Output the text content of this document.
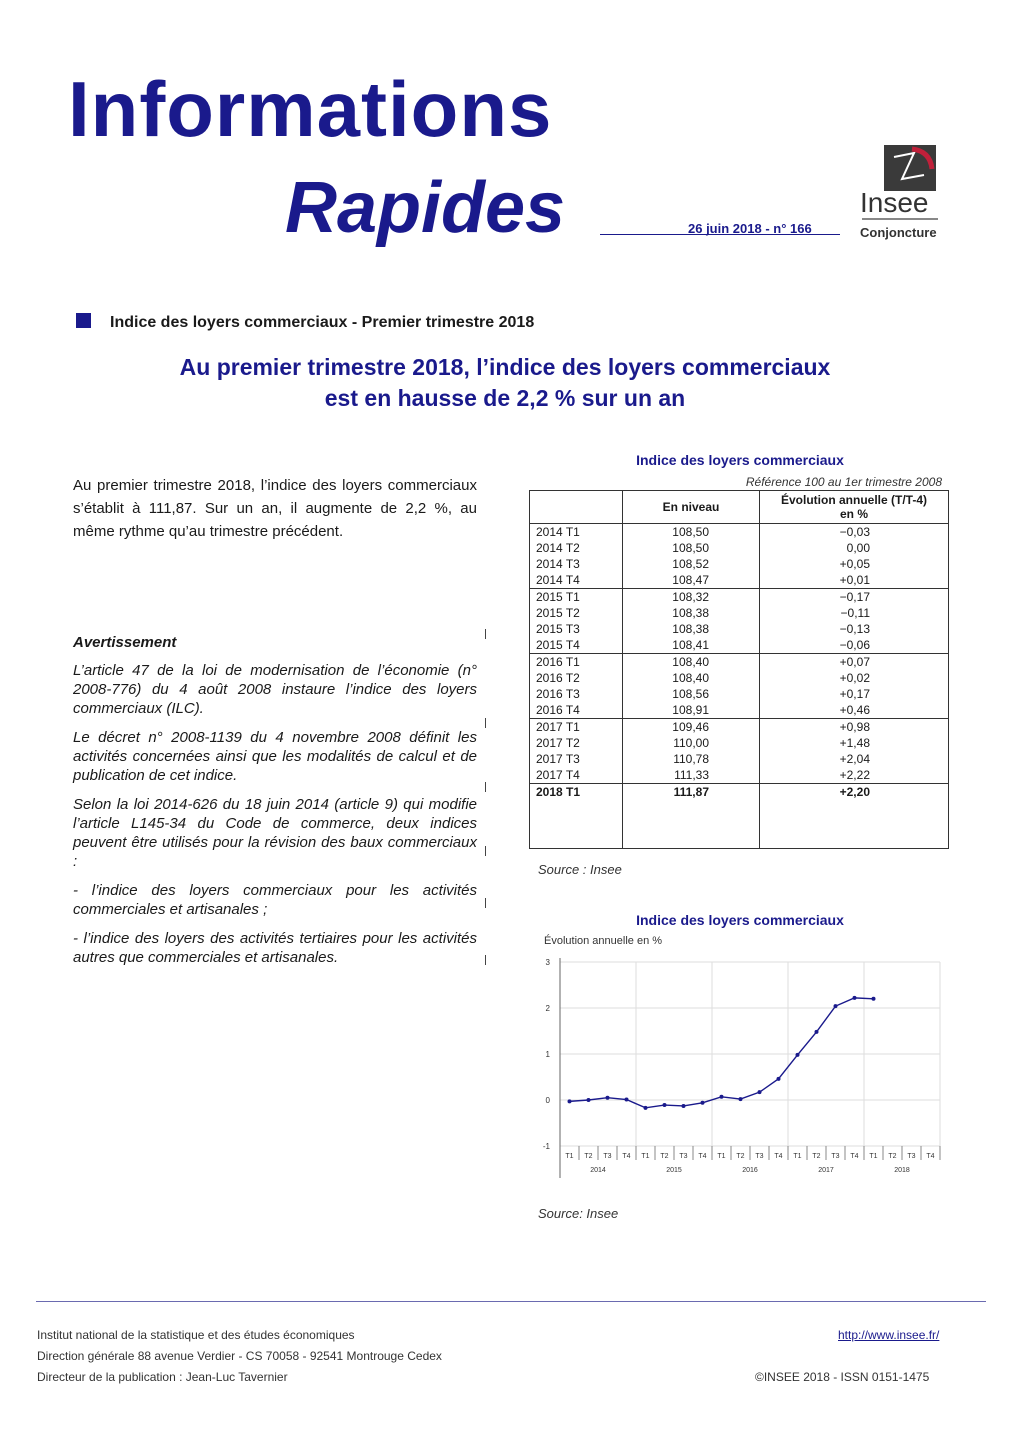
Informations
Rapides	26 juin 2018 - n° 166
Insee
Conjoncture
Indice des loyers commerciaux - Premier trimestre 2018
Au premier trimestre 2018, l’indice des loyers commerciaux
est en hausse de 2,2 % sur un an
Au premier trimestre 2018, l’indice des loyers commerciaux s’établit à 111,87. Sur un an, il augmente de 2,2 %, au même rythme qu’au trimestre précédent.
Avertissement

L’article 47 de la loi de modernisation de l’économie (n° 2008-776) du 4 août 2008 instaure l’indice des loyers commerciaux (ILC).

Le décret n° 2008-1139 du 4 novembre 2008 définit les activités concernées ainsi que les modalités de calcul et de publication de cet indice.

Selon la loi 2014-626 du 18 juin 2014 (article 9) qui modifie l’article L145-34 du Code de commerce, deux indices peuvent être utilisés pour la révision des baux commerciaux :

- l’indice des loyers commerciaux pour les activités commerciales et artisanales ;

- l’indice des loyers des activités tertiaires pour les activités autres que commerciales et artisanales.

Indice des loyers commerciaux
Référence 100 au 1er trimestre 2008
	En niveau	Évolution annuelle (T/T-4)
en %
2014 T1	108,50	−0,03
2014 T2	108,50	0,00
2014 T3	108,52	+0,05
2014 T4	108,47	+0,01
2015 T1	108,32	−0,17
2015 T2	108,38	−0,11
2015 T3	108,38	−0,13
2015 T4	108,41	−0,06
2016 T1	108,40	+0,07
2016 T2	108,40	+0,02
2016 T3	108,56	+0,17
2016 T4	108,91	+0,46
2017 T1	109,46	+0,98
2017 T2	110,00	+1,48
2017 T3	110,78	+2,04
2017 T4	111,33	+2,22
2018 T1	111,87	+2,20

Source : Insee
Indice des loyers commerciaux
Évolution annuelle en %
-1
0
1
2
3
T1 T2 T3 T4 T1 T2 T3 T4 T1 T2 T3 T4 T1 T2 T3 T4 T1 T2 T3 T4
2014	2015	2016	2017	2018
Source: Insee
Institut national de la statistique et des études économiques
Direction générale 88 avenue Verdier - CS 70058 - 92541 Montrouge Cedex
Directeur de la publication : Jean-Luc Tavernier
http://www.insee.fr/
©INSEE 2018 - ISSN 0151-1475
